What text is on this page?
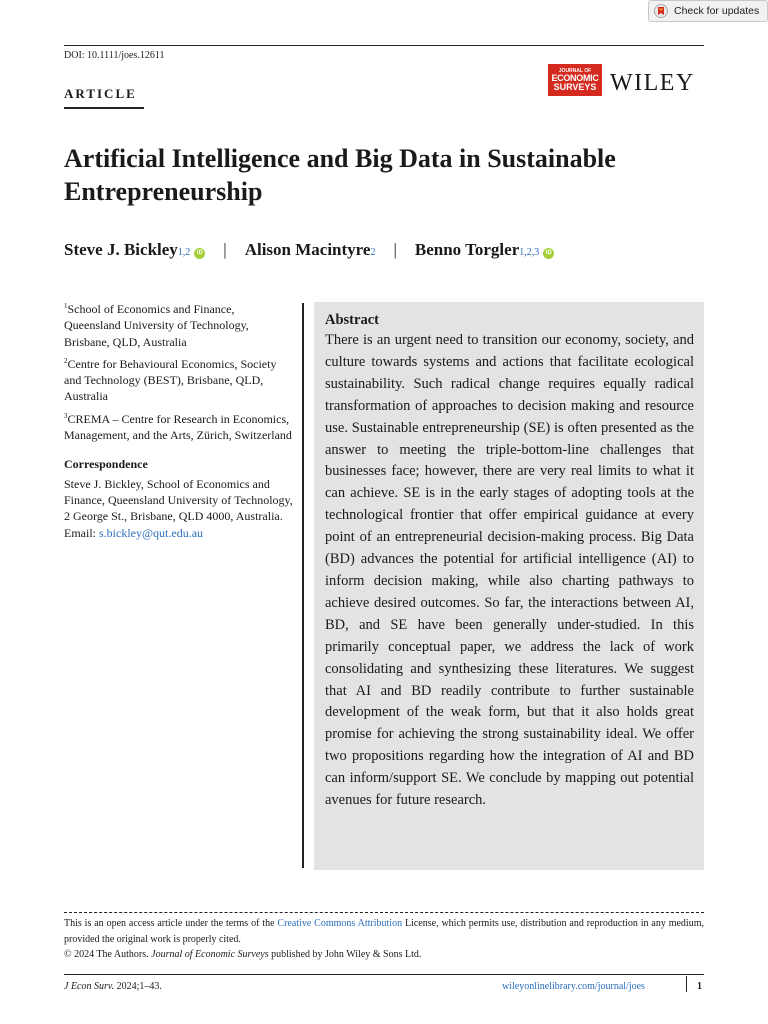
Check for updates
DOI: 10.1111/joes.12611
ARTICLE
JOURNAL OF
ECONOMIC
SURVEYS WILEY
Artificial Intelligence and Big Data in Sustainable Entrepreneurship
Steve J. Bickley 1,2	iD | Alison Macintyre 2 | Benno Torgler 1,2,3	iD

$^1$School of Economics and Finance, Queensland University of Technology, Brisbane, QLD, Australia

$^2$Centre for Behavioural Economics, Society and Technology (BEST), Brisbane, QLD, Australia

$^3$CREMA – Centre for Research in Economics, Management, and the Arts, Zürich, Switzerland

Correspondence

Steve J. Bickley, School of Economics and Finance, Queensland University of Technology, 2 George St., Brisbane, QLD 4000, Australia.
Email: s.bickley@qut.edu.au

Abstract
There is an urgent need to transition our economy, society, and culture towards systems and actions that facilitate ecological sustainability. Such radical change requires equally radical transformation of approaches to decision making and resource use. Sustainable entrepreneurship (SE) is often presented as the answer to meeting the triple-bottom-line challenges that businesses face; however, there are very real limits to what it can achieve. SE is in the early stages of adopting tools at the technological frontier that offer empirical guidance at every point of an entrepreneurial decision-making process. Big Data (BD) advances the potential for artificial intelligence (AI) to inform decision making, while also charting pathways to achieve desired outcomes. So far, the interactions between AI, BD, and SE have been generally under-studied. In this primarily conceptual paper, we address the lack of work consolidating and synthesizing these literatures. We suggest that AI and BD readily contribute to further sustainable development of the weak form, but that it also holds great promise for achieving the strong sustainability ideal. We offer two propositions regarding how the integration of AI and BD can inform/support SE. We conclude by mapping out potential avenues for future research.
This is an open access article under the terms of the Creative Commons Attribution License, which permits use, distribution and reproduction in any medium, provided the original work is properly cited.
© 2024 The Authors. Journal of Economic Surveys published by John Wiley & Sons Ltd.
J Econ Surv. 2024;1–43.	wileyonlinelibrary.com/journal/joes	1
